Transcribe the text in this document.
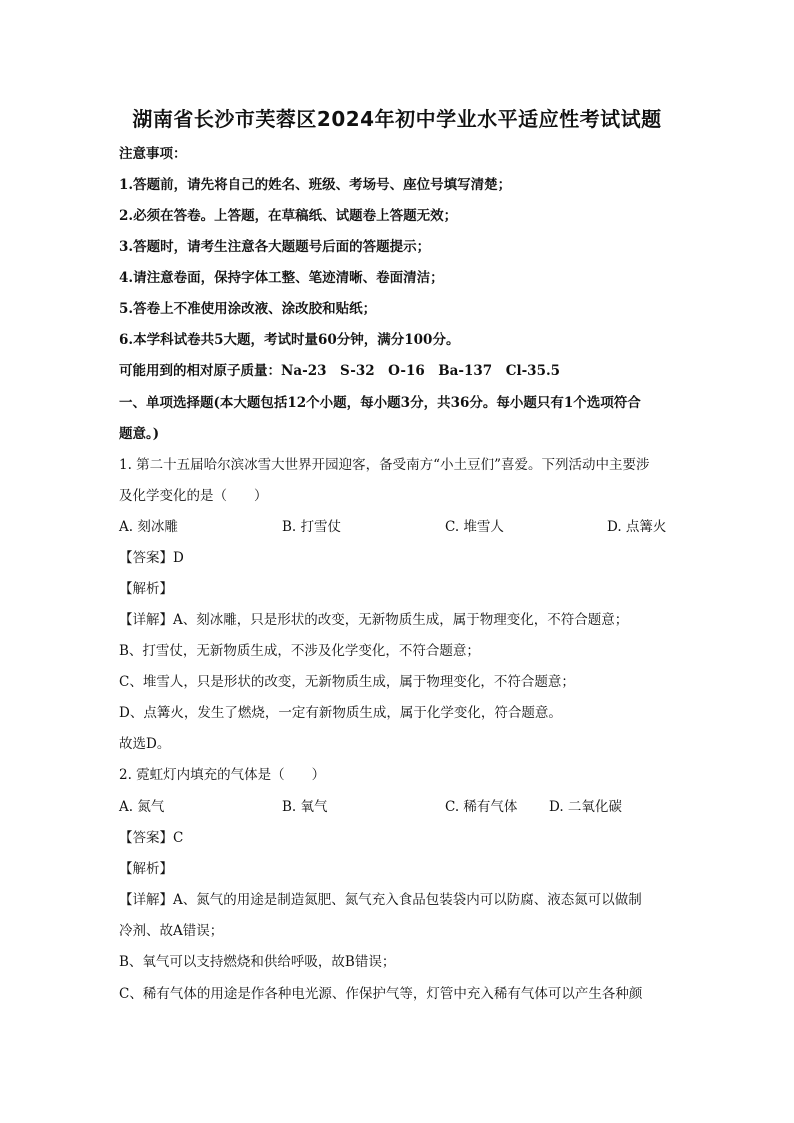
湖南省长沙市芙蓉区2024年初中学业水平适应性考试试题
注意事项：
1.答题前，请先将自己的姓名、班级、考场号、座位号填写清楚；
2.必须在答卷。上答题，在草稿纸、试题卷上答题无效；
3.答题时，请考生注意各大题题号后面的答题提示；
4.请注意卷面，保持字体工整、笔迹清晰、卷面清洁；
5.答卷上不准使用涂改液、涂改胶和贴纸；
6.本学科试卷共5大题，考试时量60分钟，满分100分。
可能用到的相对原子质量：Na-23　S-32　O-16　Ba-137　Cl-35.5
一、单项选择题(本大题包括12个小题，每小题3分，共36分。每小题只有1个选项符合
题意。)
1. 第二十五届哈尔滨冰雪大世界开园迎客，备受南方“小土豆们”喜爱。下列活动中主要涉
及化学变化的是（　　）
A. 刻冰雕	B. 打雪仗	C. 堆雪人	D. 点篝火
【答案】D
【解析】
【详解】A、刻冰雕，只是形状的改变，无新物质生成，属于物理变化，不符合题意；
B、打雪仗，无新物质生成，不涉及化学变化，不符合题意；
C、堆雪人，只是形状的改变，无新物质生成，属于物理变化，不符合题意；
D、点篝火，发生了燃烧，一定有新物质生成，属于化学变化，符合题意。
故选D。
2. 霓虹灯内填充的气体是（　　）
A. 氮气	B. 氧气	C. 稀有气体 D. 二氧化碳
【答案】C
【解析】
【详解】A、氮气的用途是制造氮肥、氮气充入食品包装袋内可以防腐、液态氮可以做制
冷剂、故A错误；
B、氧气可以支持燃烧和供给呼吸，故B错误；
C、稀有气体的用途是作各种电光源、作保护气等，灯管中充入稀有气体可以产生各种颜
